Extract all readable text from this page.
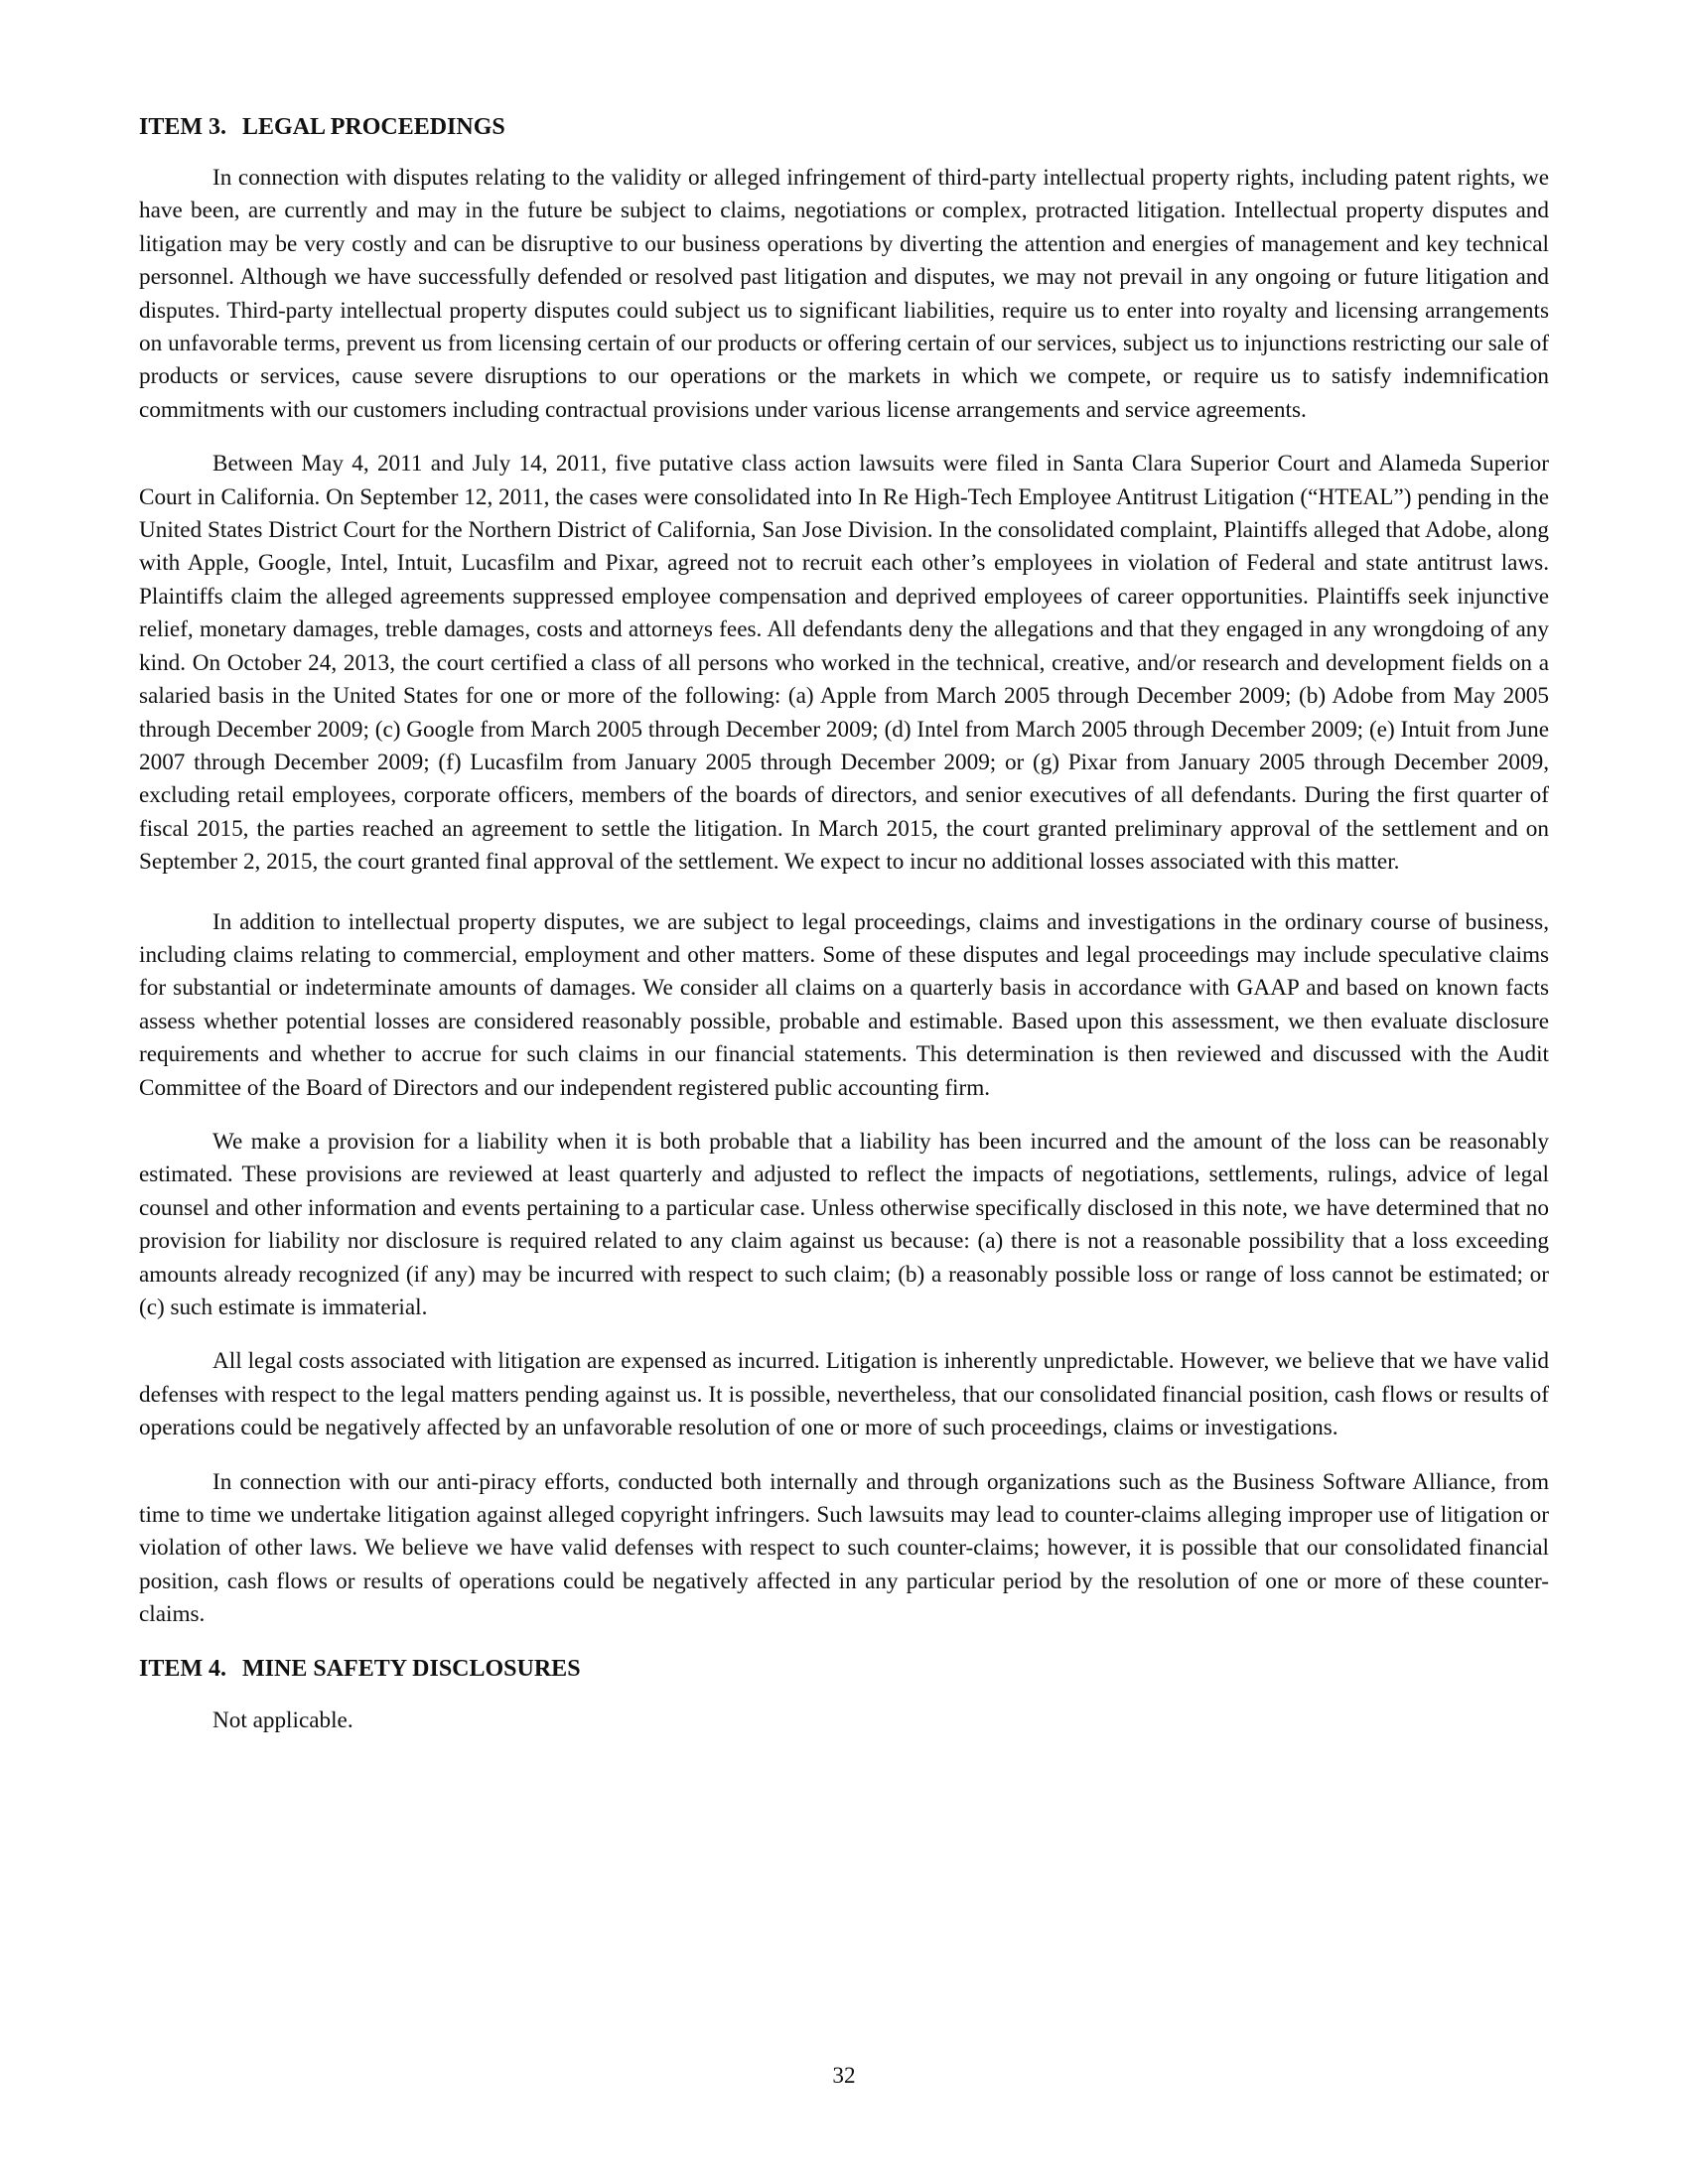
ITEM 3. LEGAL PROCEEDINGS

In connection with disputes relating to the validity or alleged infringement of third-party intellectual property rights, including patent rights, we have been, are currently and may in the future be subject to claims, negotiations or complex, protracted litigation. Intellectual property disputes and litigation may be very costly and can be disruptive to our business operations by diverting the attention and energies of management and key technical personnel. Although we have successfully defended or resolved past litigation and disputes, we may not prevail in any ongoing or future litigation and disputes. Third-party intellectual property disputes could subject us to significant liabilities, require us to enter into royalty and licensing arrangements on unfavorable terms, prevent us from licensing certain of our products or offering certain of our services, subject us to injunctions restricting our sale of products or services, cause severe disruptions to our operations or the markets in which we compete, or require us to satisfy indemnification commitments with our customers including contractual provisions under various license arrangements and service agreements.

Between May 4, 2011 and July 14, 2011, five putative class action lawsuits were filed in Santa Clara Superior Court and Alameda Superior Court in California. On September 12, 2011, the cases were consolidated into In Re High-Tech Employee Antitrust Litigation (“HTEAL”) pending in the United States District Court for the Northern District of California, San Jose Division. In the consolidated complaint, Plaintiffs alleged that Adobe, along with Apple, Google, Intel, Intuit, Lucasfilm and Pixar, agreed not to recruit each other’s employees in violation of Federal and state antitrust laws. Plaintiffs claim the alleged agreements suppressed employee compensation and deprived employees of career opportunities. Plaintiffs seek injunctive relief, monetary damages, treble damages, costs and attorneys fees. All defendants deny the allegations and that they engaged in any wrongdoing of any kind. On October 24, 2013, the court certified a class of all persons who worked in the technical, creative, and/or research and development fields on a salaried basis in the United States for one or more of the following: (a) Apple from March 2005 through December 2009; (b) Adobe from May 2005 through December 2009; (c) Google from March 2005 through December 2009; (d) Intel from March 2005 through December 2009; (e) Intuit from June 2007 through December 2009; (f) Lucasfilm from January 2005 through December 2009; or (g) Pixar from January 2005 through December 2009, excluding retail employees, corporate officers, members of the boards of directors, and senior executives of all defendants. During the first quarter of fiscal 2015, the parties reached an agreement to settle the litigation. In March 2015, the court granted preliminary approval of the settlement and on September 2, 2015, the court granted final approval of the settlement. We expect to incur no additional losses associated with this matter.

In addition to intellectual property disputes, we are subject to legal proceedings, claims and investigations in the ordinary course of business, including claims relating to commercial, employment and other matters. Some of these disputes and legal proceedings may include speculative claims for substantial or indeterminate amounts of damages. We consider all claims on a quarterly basis in accordance with GAAP and based on known facts assess whether potential losses are considered reasonably possible, probable and estimable. Based upon this assessment, we then evaluate disclosure requirements and whether to accrue for such claims in our financial statements. This determination is then reviewed and discussed with the Audit Committee of the Board of Directors and our independent registered public accounting firm.

We make a provision for a liability when it is both probable that a liability has been incurred and the amount of the loss can be reasonably estimated. These provisions are reviewed at least quarterly and adjusted to reflect the impacts of negotiations, settlements, rulings, advice of legal counsel and other information and events pertaining to a particular case. Unless otherwise specifically disclosed in this note, we have determined that no provision for liability nor disclosure is required related to any claim against us because: (a) there is not a reasonable possibility that a loss exceeding amounts already recognized (if any) may be incurred with respect to such claim; (b) a reasonably possible loss or range of loss cannot be estimated; or (c) such estimate is immaterial.

All legal costs associated with litigation are expensed as incurred. Litigation is inherently unpredictable. However, we believe that we have valid defenses with respect to the legal matters pending against us. It is possible, nevertheless, that our consolidated financial position, cash flows or results of operations could be negatively affected by an unfavorable resolution of one or more of such proceedings, claims or investigations.

In connection with our anti-piracy efforts, conducted both internally and through organizations such as the Business Software Alliance, from time to time we undertake litigation against alleged copyright infringers. Such lawsuits may lead to counter-claims alleging improper use of litigation or violation of other laws. We believe we have valid defenses with respect to such counter-claims; however, it is possible that our consolidated financial position, cash flows or results of operations could be negatively affected in any particular period by the resolution of one or more of these counter-claims.

ITEM 4. MINE SAFETY DISCLOSURES

Not applicable.

32
